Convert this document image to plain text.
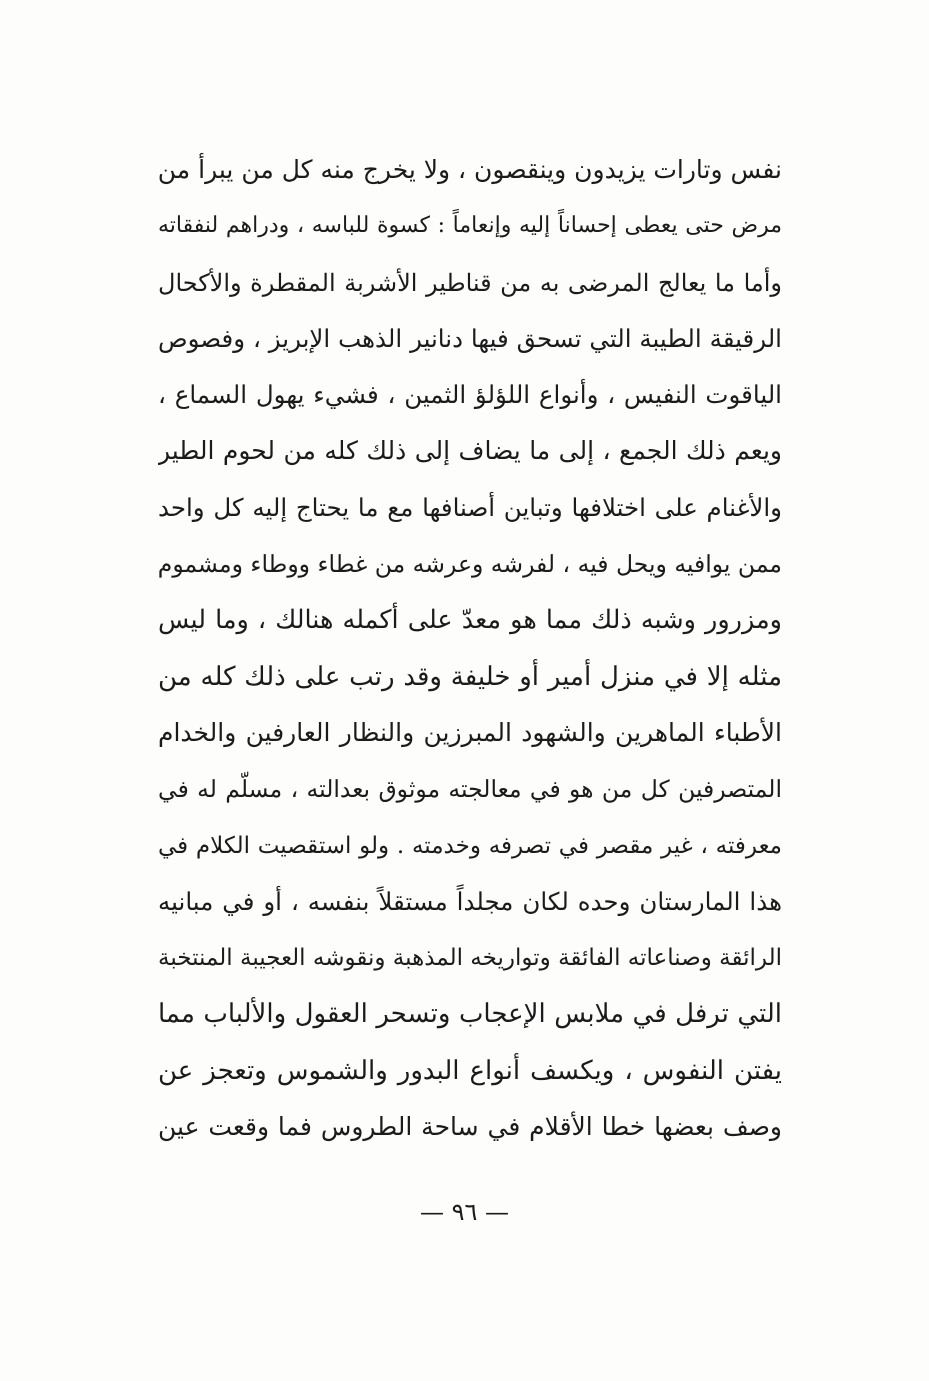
نفس وتارات يزيدون وينقصون ، ولا يخرج منه كل من يبرأ من
مرض حتى يعطى إحساناً إليه وإنعاماً : كسوة للباسه ، ودراهم لنفقاته
وأما ما يعالج المرضى به من قناطير الأشربة المقطرة والأكحال
الرقيقة الطيبة التي تسحق فيها دنانير الذهب الإبريز ، وفصوص
الياقوت النفيس ، وأنواع اللؤلؤ الثمين ، فشيء يهول السماع ،
ويعم ذلك الجمع ، إلى ما يضاف إلى ذلك كله من لحوم الطير
والأغنام على اختلافها وتباين أصنافها مع ما يحتاج إليه كل واحد
ممن يوافيه ويحل فيه ، لفرشه وعرشه من غطاء ووطاء ومشموم
ومزرور وشبه ذلك مما هو معدّ على أكمله هنالك ، وما ليس
مثله إلا في منزل أمير أو خليفة وقد رتب على ذلك كله من
الأطباء الماهرين والشهود المبرزين والنظار العارفين والخدام
المتصرفين كل من هو في معالجته موثوق بعدالته ، مسلّم له في
معرفته ، غير مقصر في تصرفه وخدمته . ولو استقصيت الكلام في
هذا المارستان وحده لكان مجلداً مستقلاً بنفسه ، أو في مبانيه
الرائقة وصناعاته الفائقة وتواريخه المذهبة ونقوشه العجيبة المنتخبة
التي ترفل في ملابس الإعجاب وتسحر العقول والألباب مما
يفتن النفوس ، ويكسف أنواع البدور والشموس وتعجز عن
وصف بعضها خطا الأقلام في ساحة الطروس فما وقعت عين
— ٩٦ —
